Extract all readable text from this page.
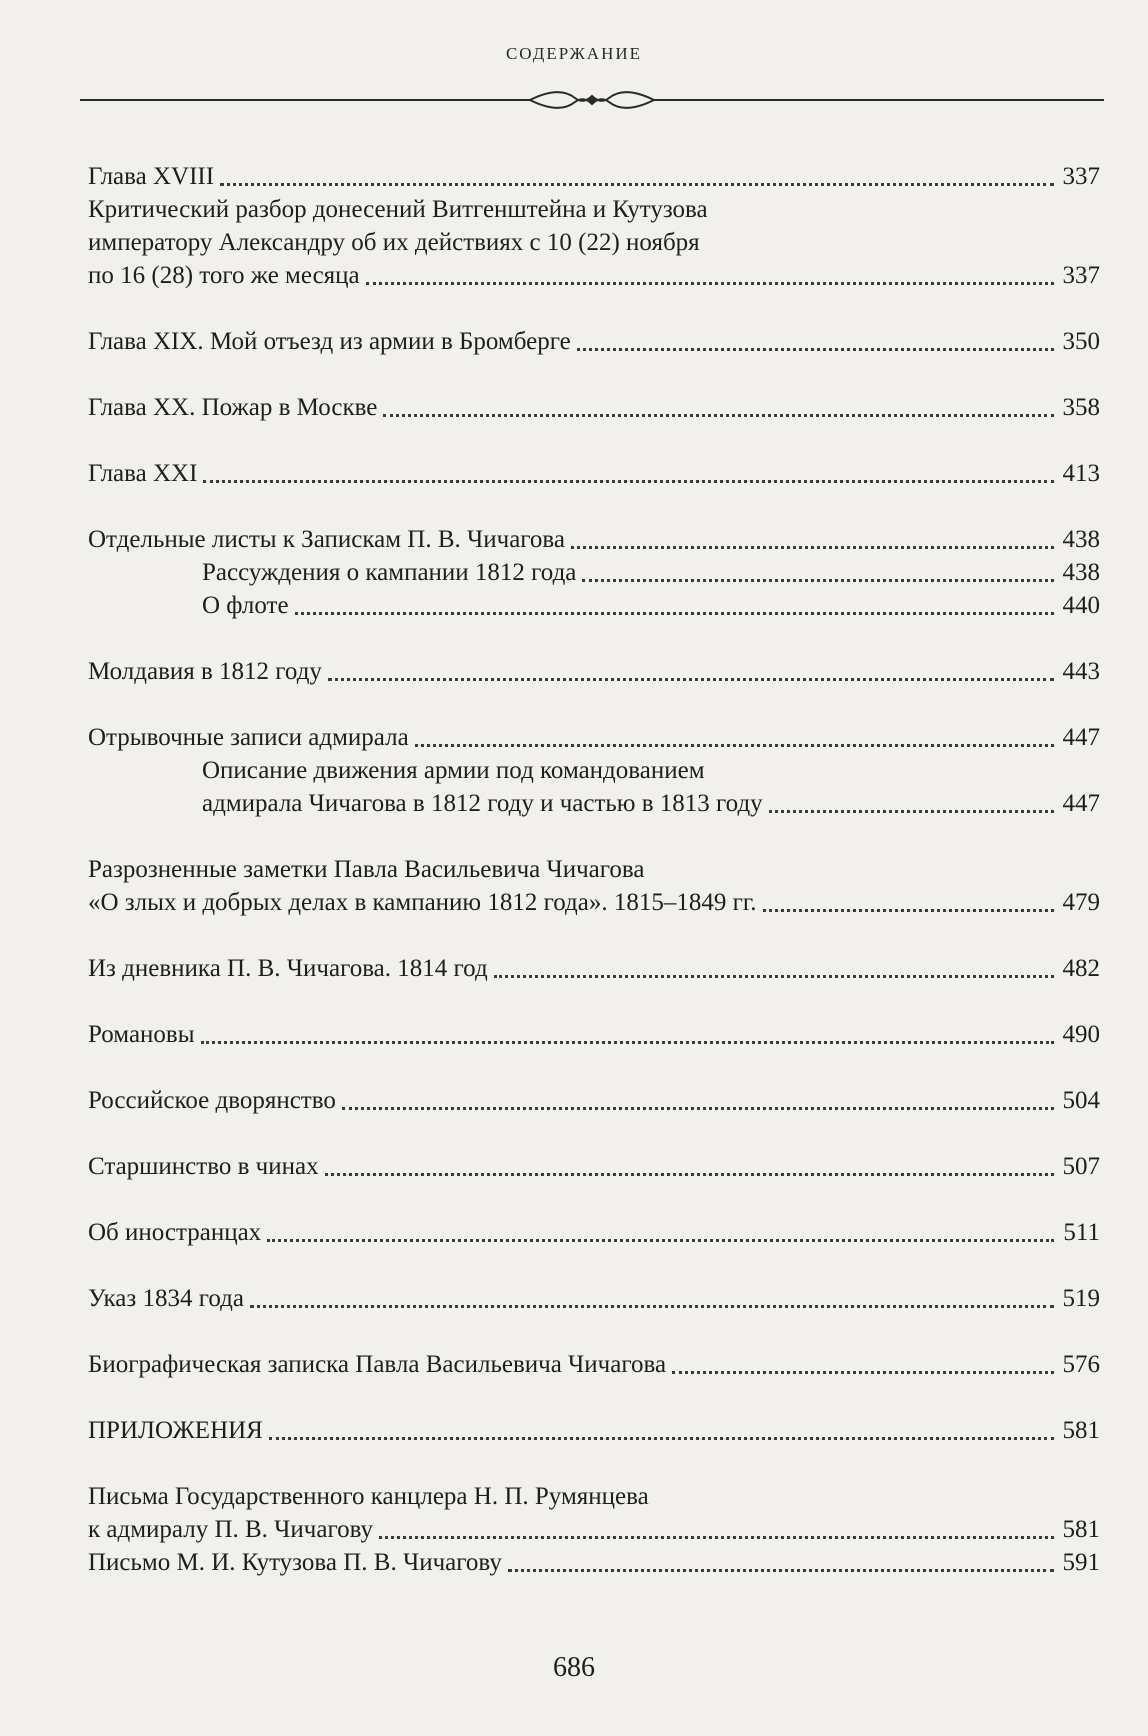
СОДЕРЖАНИЕ
Глава XVIII	337
Критический разбор донесений Витгенштейна и Кутузова
императору Александру об их действиях с 10 (22) ноября
по 16 (28) того же месяца	337
Глава XIX. Мой отъезд из армии в Бромберге	350
Глава XX. Пожар в Москве	358
Глава XXI	413
Отдельные листы к Запискам П. В. Чичагова	438
Рассуждения о кампании 1812 года	438
О флоте	440
Молдавия в 1812 году	443
Отрывочные записи адмирала	447
Описание движения армии под командованием
адмирала Чичагова в 1812 году и частью в 1813 году	447
Разрозненные заметки Павла Васильевича Чичагова
«О злых и добрых делах в кампанию 1812 года». 1815–1849 гг.	479
Из дневника П. В. Чичагова. 1814 год	482
Романовы	490
Российское дворянство	504
Старшинство в чинах	507
Об иностранцах	511
Указ 1834 года	519
Биографическая записка Павла Васильевича Чичагова	576
ПРИЛОЖЕНИЯ	581
Письма Государственного канцлера Н. П. Румянцева
к адмиралу П. В. Чичагову	581
Письмо М. И. Кутузова П. В. Чичагову	591
686
